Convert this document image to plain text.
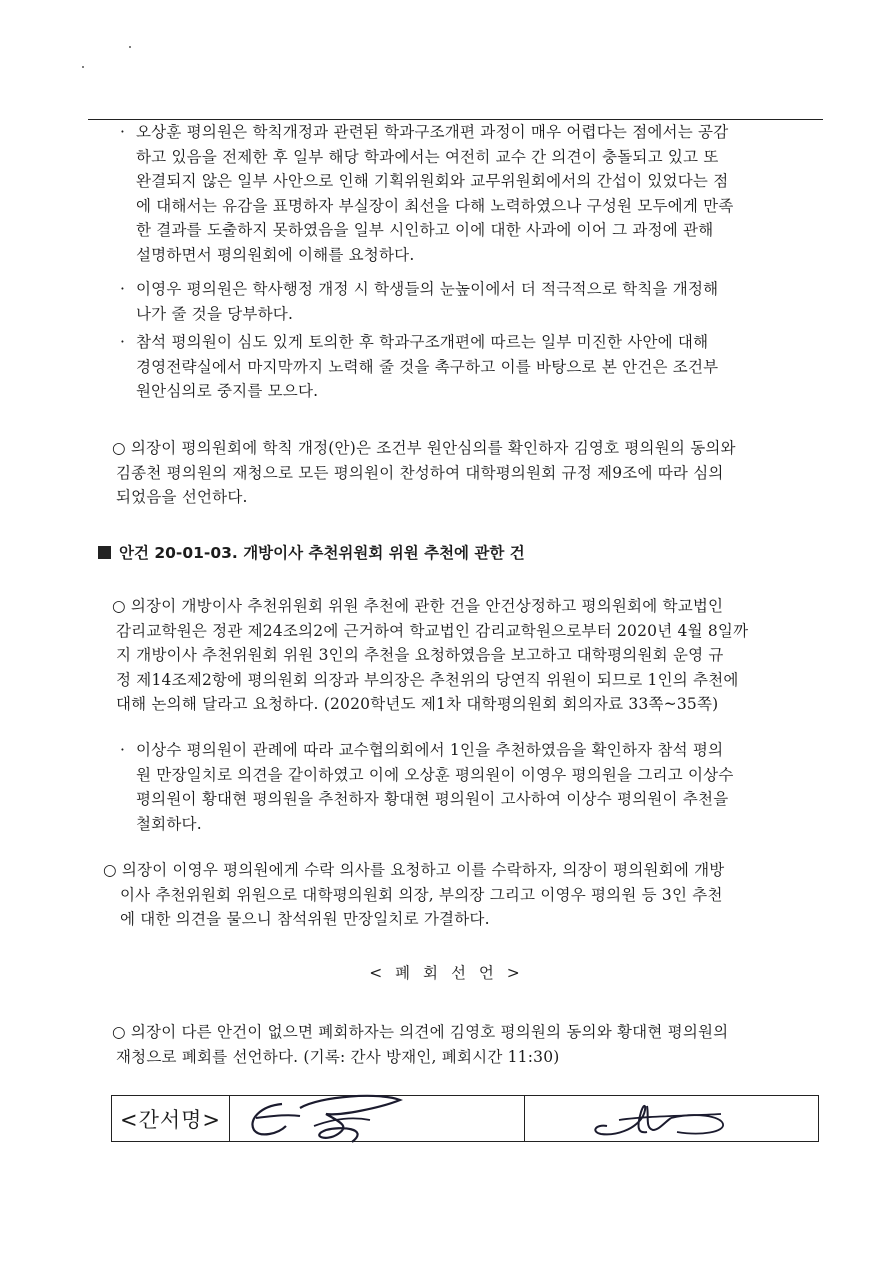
· 오상훈 평의원은 학칙개정과 관련된 학과구조개편 과정이 매우 어렵다는 점에서는 공감
하고 있음을 전제한 후 일부 해당 학과에서는 여전히 교수 간 의견이 충돌되고 있고 또
완결되지 않은 일부 사안으로 인해 기획위원회와 교무위원회에서의 간섭이 있었다는 점
에 대해서는 유감을 표명하자 부실장이 최선을 다해 노력하였으나 구성원 모두에게 만족
한 결과를 도출하지 못하였음을 일부 시인하고 이에 대한 사과에 이어 그 과정에 관해
설명하면서 평의원회에 이해를 요청하다.
· 이영우 평의원은 학사행정 개정 시 학생들의 눈높이에서 더 적극적으로 학칙을 개정해
나가 줄 것을 당부하다.
· 참석 평의원이 심도 있게 토의한 후 학과구조개편에 따르는 일부 미진한 사안에 대해
경영전략실에서 마지막까지 노력해 줄 것을 촉구하고 이를 바탕으로 본 안건은 조건부
원안심의로 중지를 모으다.
○ 의장이 평의원회에 학칙 개정(안)은 조건부 원안심의를 확인하자 김영호 평의원의 동의와
김종천 평의원의 재청으로 모든 평의원이 찬성하여 대학평의원회 규정 제9조에 따라 심의
되었음을 선언하다.
안건 20-01-03. 개방이사 추천위원회 위원 추천에 관한 건
○ 의장이 개방이사 추천위원회 위원 추천에 관한 건을 안건상정하고 평의원회에 학교법인
감리교학원은 정관 제24조의2에 근거하여 학교법인 감리교학원으로부터 2020년 4월 8일까
지 개방이사 추천위원회 위원 3인의 추천을 요청하였음을 보고하고 대학평의원회 운영 규
정 제14조제2항에 평의원회 의장과 부의장은 추천위의 당연직 위원이 되므로 1인의 추천에
대해 논의해 달라고 요청하다. (2020학년도 제1차 대학평의원회 회의자료 33쪽~35쪽)
· 이상수 평의원이 관례에 따라 교수협의회에서 1인을 추천하였음을 확인하자 참석 평의
원 만장일치로 의견을 같이하였고 이에 오상훈 평의원이 이영우 평의원을 그리고 이상수
평의원이 황대현 평의원을 추천하자 황대현 평의원이 고사하여 이상수 평의원이 추천을
철회하다.
○ 의장이 이영우 평의원에게 수락 의사를 요청하고 이를 수락하자, 의장이 평의원회에 개방
이사 추천위원회 위원으로 대학평의원회 의장, 부의장 그리고 이영우 평의원 등 3인 추천
에 대한 의견을 물으니 참석위원 만장일치로 가결하다.
< 폐 회 선 언 >
○ 의장이 다른 안건이 없으면 폐회하자는 의견에 김영호 평의원의 동의와 황대현 평의원의
재청으로 폐회를 선언하다. (기록: 간사 방재인, 폐회시간 11:30)
<간서명>
